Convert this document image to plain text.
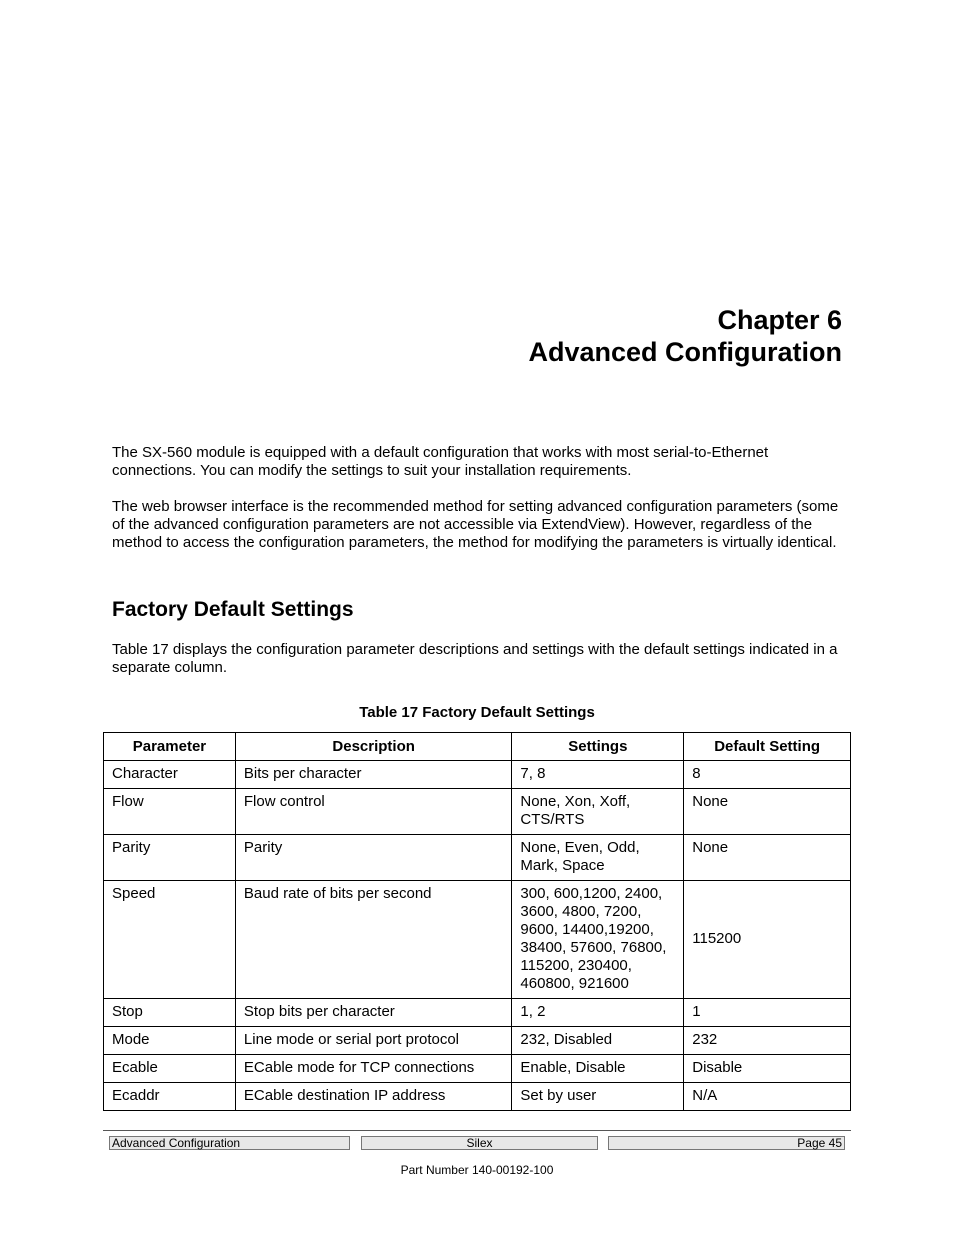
Chapter 6
Advanced Configuration

The SX-560 module is equipped with a default configuration that works with most serial-to-Ethernet connections. You can modify the settings to suit your installation requirements.

The web browser interface is the recommended method for setting advanced configuration parameters (some of the advanced configuration parameters are not accessible via ExtendView). However, regardless of the method to access the configuration parameters, the method for modifying the parameters is virtually identical.

Factory Default Settings

Table 17 displays the configuration parameter descriptions and settings with the default settings indicated in a separate column.

Table 17 Factory Default Settings
Parameter	Description	Settings	Default Setting
Character	Bits per character	7, 8	8
Flow	Flow control	None, Xon, Xoff, CTS/RTS	None
Parity	Parity	None, Even, Odd, Mark, Space	None
Speed	Baud rate of bits per second	300, 600,1200, 2400, 3600, 4800, 7200, 9600, 14400,19200, 38400, 57600, 76800, 115200, 230400, 460800, 921600	115200
Stop	Stop bits per character	1, 2	1
Mode	Line mode or serial port protocol	232, Disabled	232
Ecable	ECable mode for TCP connections	Enable, Disable	Disable
Ecaddr	ECable destination IP address	Set by user	N/A
Advanced Configuration	Silex	Page 45
Part Number 140-00192-100
